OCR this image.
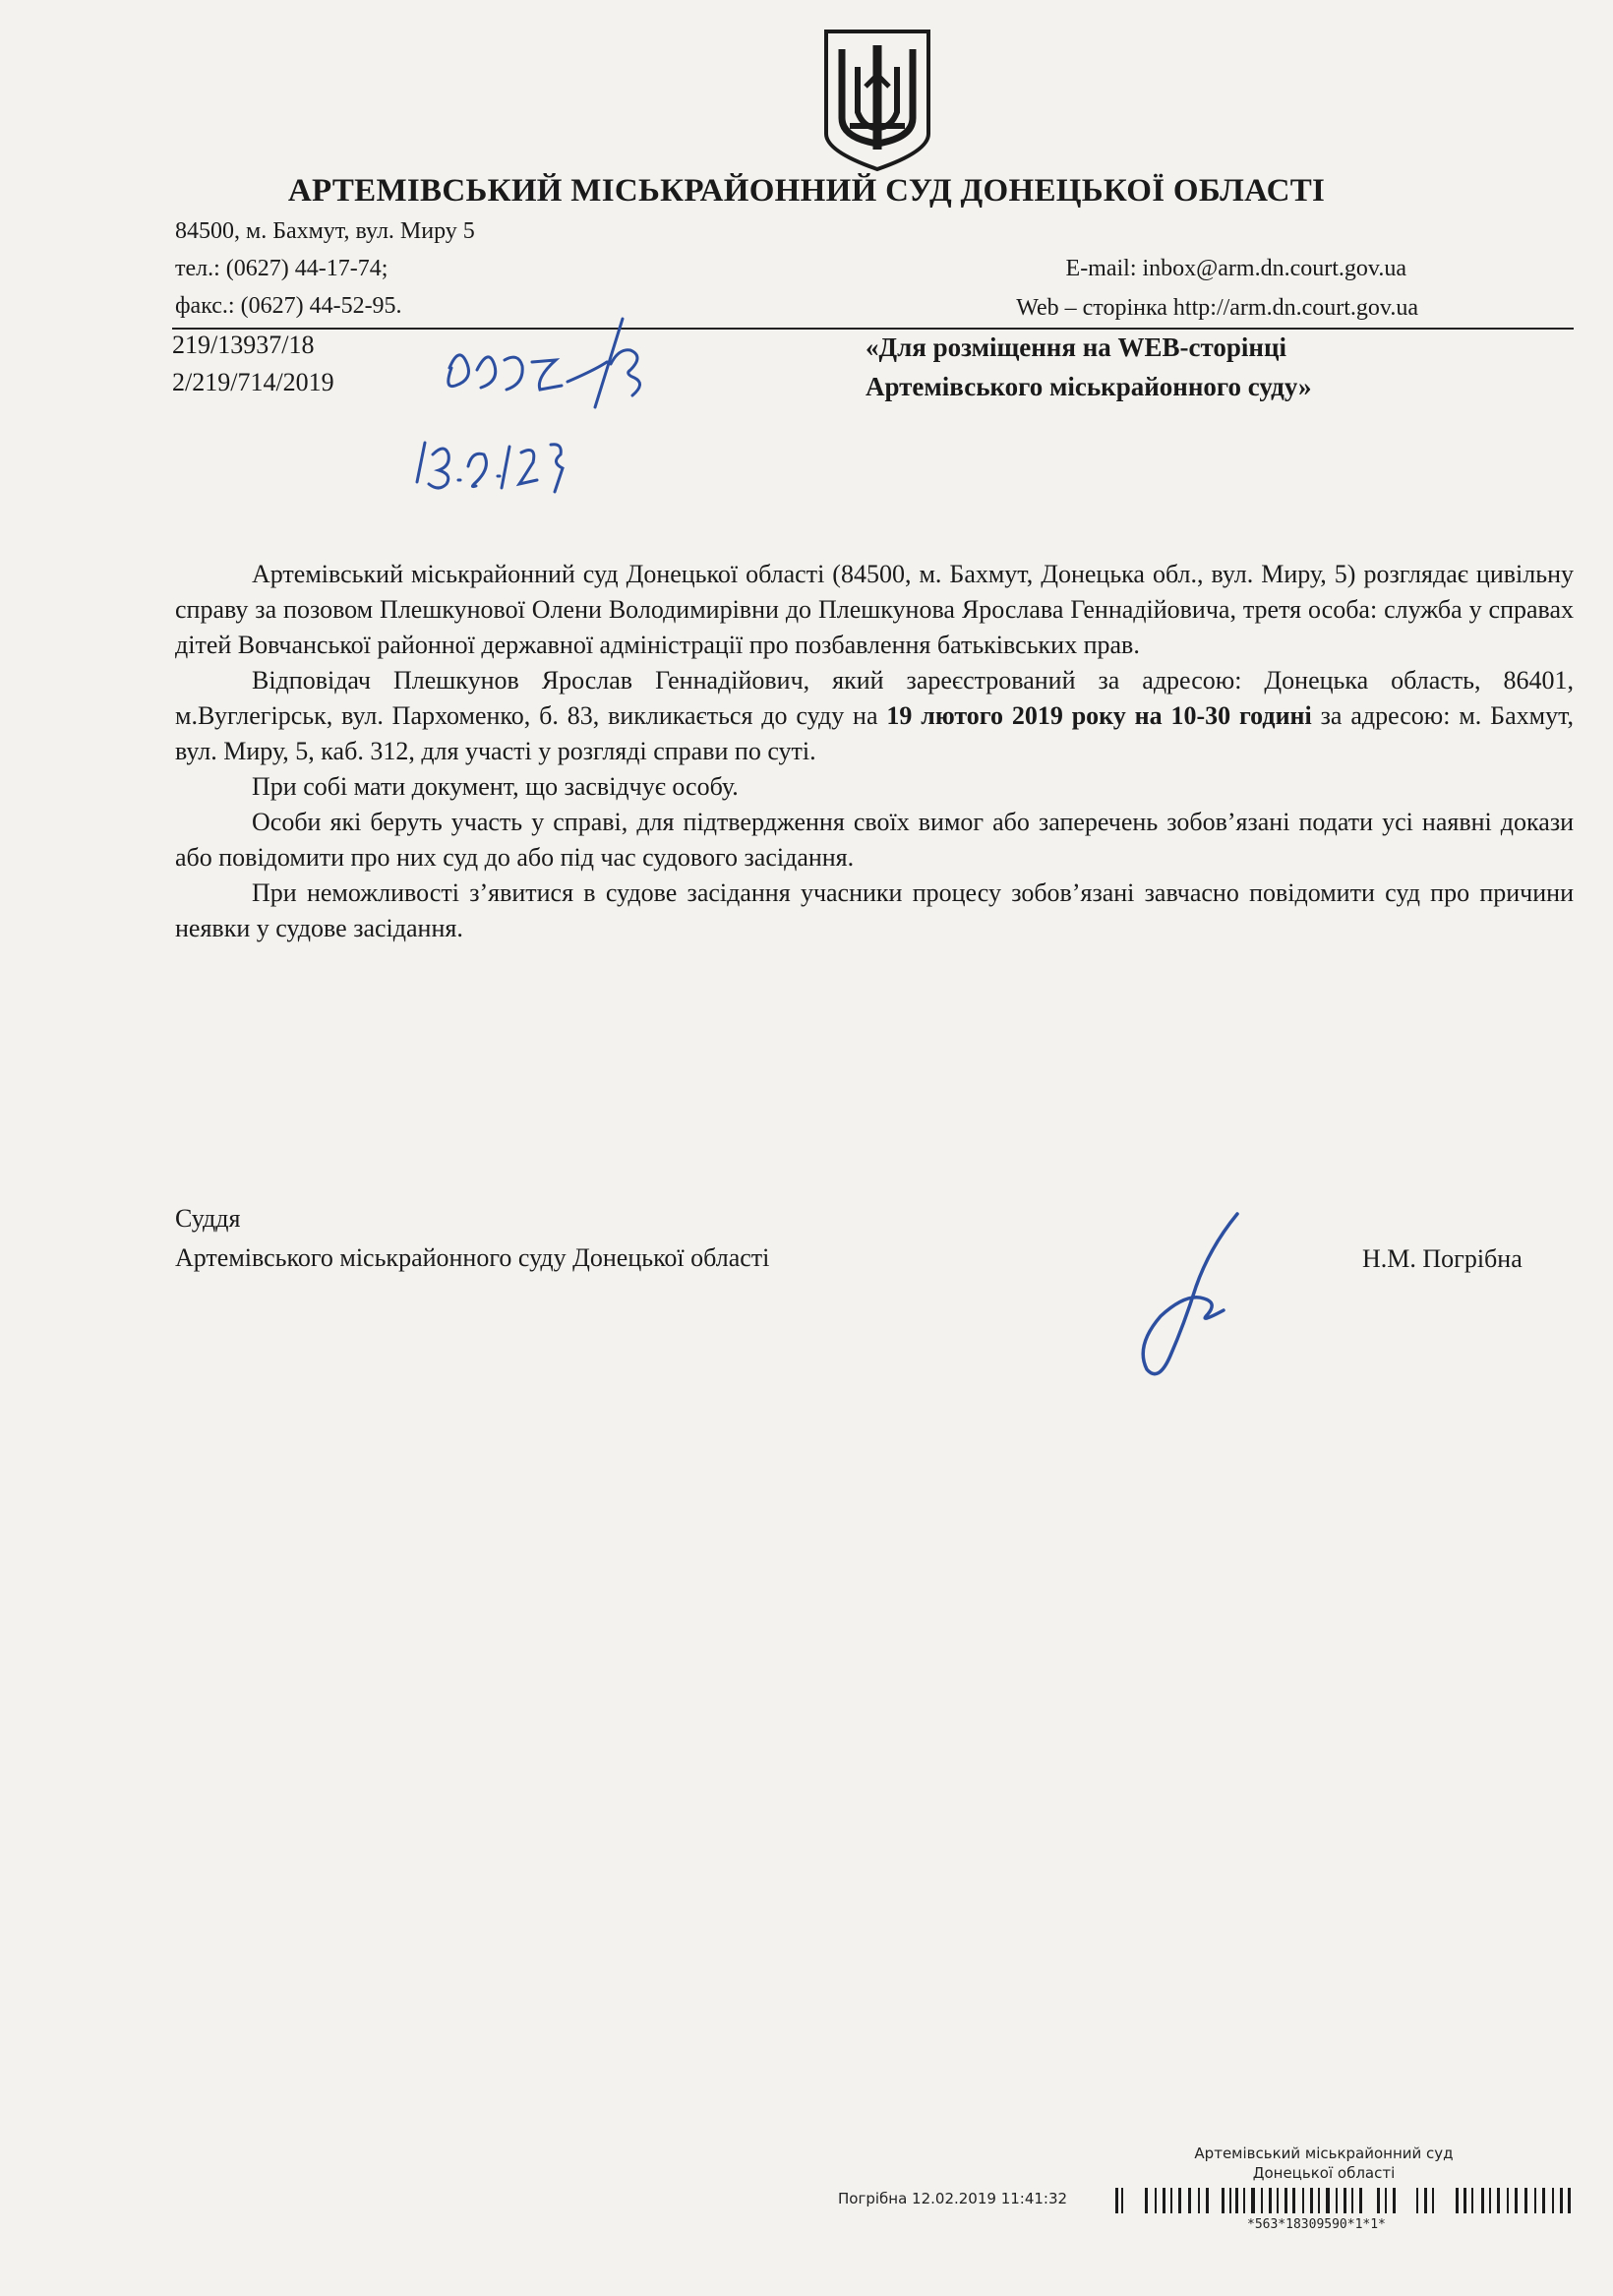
АРТЕМІВСЬКИЙ МІСЬКРАЙОННИЙ СУД ДОНЕЦЬКОЇ ОБЛАСТІ
84500, м. Бахмут, вул. Миру 5
тел.: (0627) 44-17-74;
факс.: (0627) 44-52-95.
E-mail: inbox@arm.dn.court.gov.ua
Web – сторінка http://arm.dn.court.gov.ua
219/13937/18
2/219/714/2019
«Для розміщення на WEB-сторінці
Артемівського міськрайонного суду»

Артемівський міськрайонний суд Донецької області (84500, м. Бахмут, Донецька обл., вул. Миру, 5) розглядає цивільну справу за позовом Плешкунової Олени Володимирівни до Плешкунова Ярослава Геннадійовича, третя особа: служба у справах дітей Вовчанської районної державної адміністрації про позбавлення батьківських прав.

Відповідач Плешкунов Ярослав Геннадійович, який зареєстрований за адресою: Донецька область, 86401, м.Вуглегірськ, вул. Пархоменко, б. 83, викликається до суду на 19 лютого 2019 року на 10-30 годині за адресою: м. Бахмут, вул. Миру, 5, каб. 312, для участі у розгляді справи по суті.

При собі мати документ, що засвідчує особу.

Особи які беруть участь у справі, для підтвердження своїх вимог або заперечень зобов’язані подати усі наявні докази або повідомити про них суд до або під час судового засідання.

При неможливості з’явитися в судове засідання учасники процесу зобов’язані завчасно повідомити суд про причини неявки у судове засідання.

Суддя
Артемівського міськрайонного суду Донецької області	Н.М. Погрібна
Артемівський міськрайонний суд
Донецької області
Погрібна 12.02.2019 11:41:32
*563*18309590*1*1*
